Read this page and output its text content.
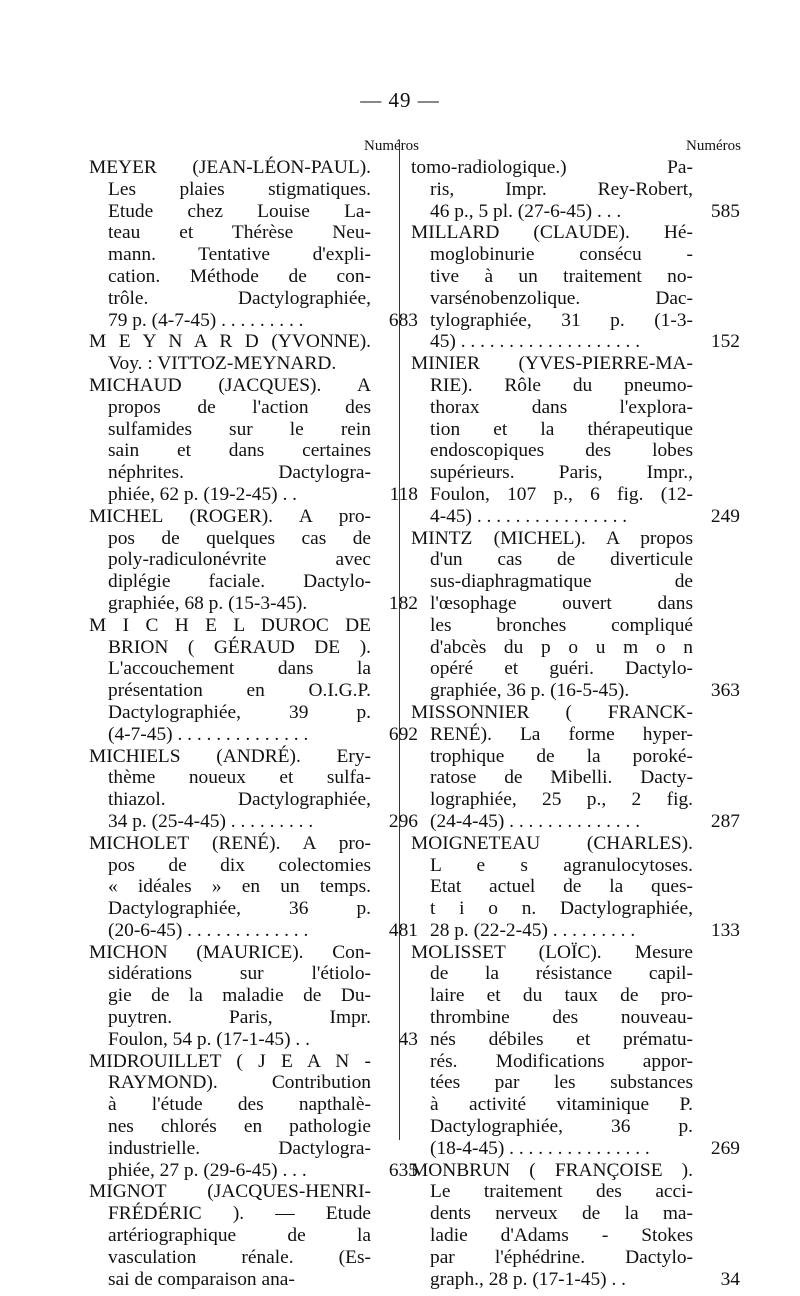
— 49 —
Numéros
MEYER (JEAN-LÉON-PAUL).
Les plaies stigmatiques.
Etude chez Louise La-
teau et Thérèse Neu-
mann. Tentative d'expli-
cation. Méthode de con-
trôle. Dactylographiée,
79 p. (4-7-45) . . . . . . . . .	683
M E Y N A R D (YVONNE).
Voy. : VITTOZ-MEYNARD.
MICHAUD (JACQUES). A
propos de l'action des
sulfamides sur le rein
sain et dans certaines
néphrites. Dactylogra-
phiée, 62 p. (19-2-45) . .	118
MICHEL (ROGER). A pro-
pos de quelques cas de
poly-radiculonévrite avec
diplégie faciale. Dactylo-
graphiée, 68 p. (15-3-45).	182
M I C H E L DUROC DE
BRION ( GÉRAUD DE ).
L'accouchement dans la
présentation en O.I.G.P.
Dactylographiée, 39 p.
(4-7-45) . . . . . . . . . . . . . .	692
MICHIELS (ANDRÉ). Ery-
thème noueux et sulfa-
thiazol. Dactylographiée,
34 p. (25-4-45) . . . . . . . . .	296
MICHOLET (RENÉ). A pro-
pos de dix colectomies
« idéales » en un temps.
Dactylographiée, 36 p.
(20-6-45) . . . . . . . . . . . . .	481
MICHON (MAURICE). Con-
sidérations sur l'étiolo-
gie de la maladie de Du-
puytren. Paris, Impr.
Foulon, 54 p. (17-1-45) . .	43
MIDROUILLET ( J E A N -
RAYMOND). Contribution
à l'étude des napthalè-
nes chlorés en pathologie
industrielle. Dactylogra-
phiée, 27 p. (29-6-45) . . .	635
MIGNOT (JACQUES-HENRI-
FRÉDÉRIC ). — Etude
artériographique de la
vasculation rénale. (Es-
sai de comparaison ana-
Numéros
tomo-radiologique.) Pa-
ris, Impr. Rey-Robert,
46 p., 5 pl. (27-6-45) . . .	585
MILLARD (CLAUDE). Hé-
moglobinurie consécu -
tive à un traitement no-
varsénobenzolique. Dac-
tylographiée, 31 p. (1-3-
45) . . . . . . . . . . . . . . . . . . .	152
MINIER (YVES-PIERRE-MA-
RIE). Rôle du pneumo-
thorax dans l'explora-
tion et la thérapeutique
endoscopiques des lobes
supérieurs. Paris, Impr.,
Foulon, 107 p., 6 fig. (12-
4-45) . . . . . . . . . . . . . . . .	249
MINTZ (MICHEL). A propos
d'un cas de diverticule
sus-diaphragmatique de
l'œsophage ouvert dans
les bronches compliqué
d'abcès du p o u m o n
opéré et guéri. Dactylo-
graphiée, 36 p. (16-5-45).	363
MISSONNIER ( FRANCK-
RENÉ). La forme hyper-
trophique de la poroké-
ratose de Mibelli. Dacty-
lographiée, 25 p., 2 fig.
(24-4-45) . . . . . . . . . . . . . .	287
MOIGNETEAU (CHARLES).
L e s agranulocytoses.
Etat actuel de la ques-
t i o n. Dactylographiée,
28 p. (22-2-45) . . . . . . . . .	133
MOLISSET (LOÏC). Mesure
de la résistance capil-
laire et du taux de pro-
thrombine des nouveau-
nés débiles et prématu-
rés. Modifications appor-
tées par les substances
à activité vitaminique P.
Dactylographiée, 36 p.
(18-4-45) . . . . . . . . . . . . . . .	269
MONBRUN ( FRANÇOISE ).
Le traitement des acci-
dents nerveux de la ma-
ladie d'Adams - Stokes
par l'éphédrine. Dactylo-
graph., 28 p. (17-1-45) . .	34
